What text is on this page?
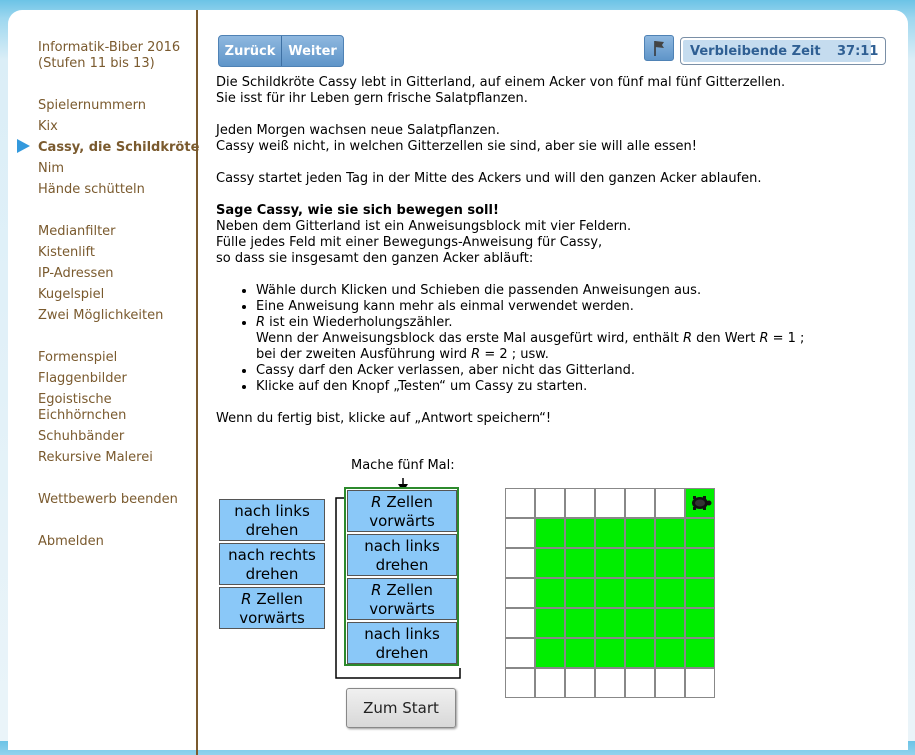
Informatik-Biber 2016
(Stufen 11 bis 13)
Spielernummern
Kix
Cassy, die Schildkröte
Nim
Hände schütteln
Medianfilter
Kistenlift
IP-Adressen
Kugelspiel
Zwei Möglichkeiten
Formenspiel
Flaggenbilder
Egoistische
Eichhörnchen
Schuhbänder
Rekursive Malerei
Wettbewerb beenden
Abmelden
Zurück Weiter	Verbleibende Zeit 37:11

Die Schildkröte Cassy lebt in Gitterland, auf einem Acker von fünf mal fünf Gitterzellen.
Sie isst für ihr Leben gern frische Salatpflanzen.

Jeden Morgen wachsen neue Salatpflanzen.
Cassy weiß nicht, in welchen Gitterzellen sie sind, aber sie will alle essen!

Cassy startet jeden Tag in der Mitte des Ackers und will den ganzen Acker ablaufen.

Sage Cassy, wie sie sich bewegen soll!
Neben dem Gitterland ist ein Anweisungsblock mit vier Feldern.
Fülle jedes Feld mit einer Bewegungs-Anweisung für Cassy,
so dass sie insgesamt den ganzen Acker abläuft:

• Wähle durch Klicken und Schieben die passenden Anweisungen aus.
• Eine Anweisung kann mehr als einmal verwendet werden.
• R ist ein Wiederholungszähler.
Wenn der Anweisungsblock das erste Mal ausgefürt wird, enthält R den Wert R = 1 ;
bei der zweiten Ausführung wird R = 2 ; usw.
• Cassy darf den Acker verlassen, aber nicht das Gitterland.
• Klicke auf den Knopf „Testen“ um Cassy zu starten.

Wenn du fertig bist, klicke auf „Antwort speichern“!

Mache fünf Mal:
nach links
drehen
nach rechts
drehen
R Zellen
vorwärts
R Zellen
vorwärts
nach links
drehen
R Zellen
vorwärts
nach links
drehen
Zum Start
